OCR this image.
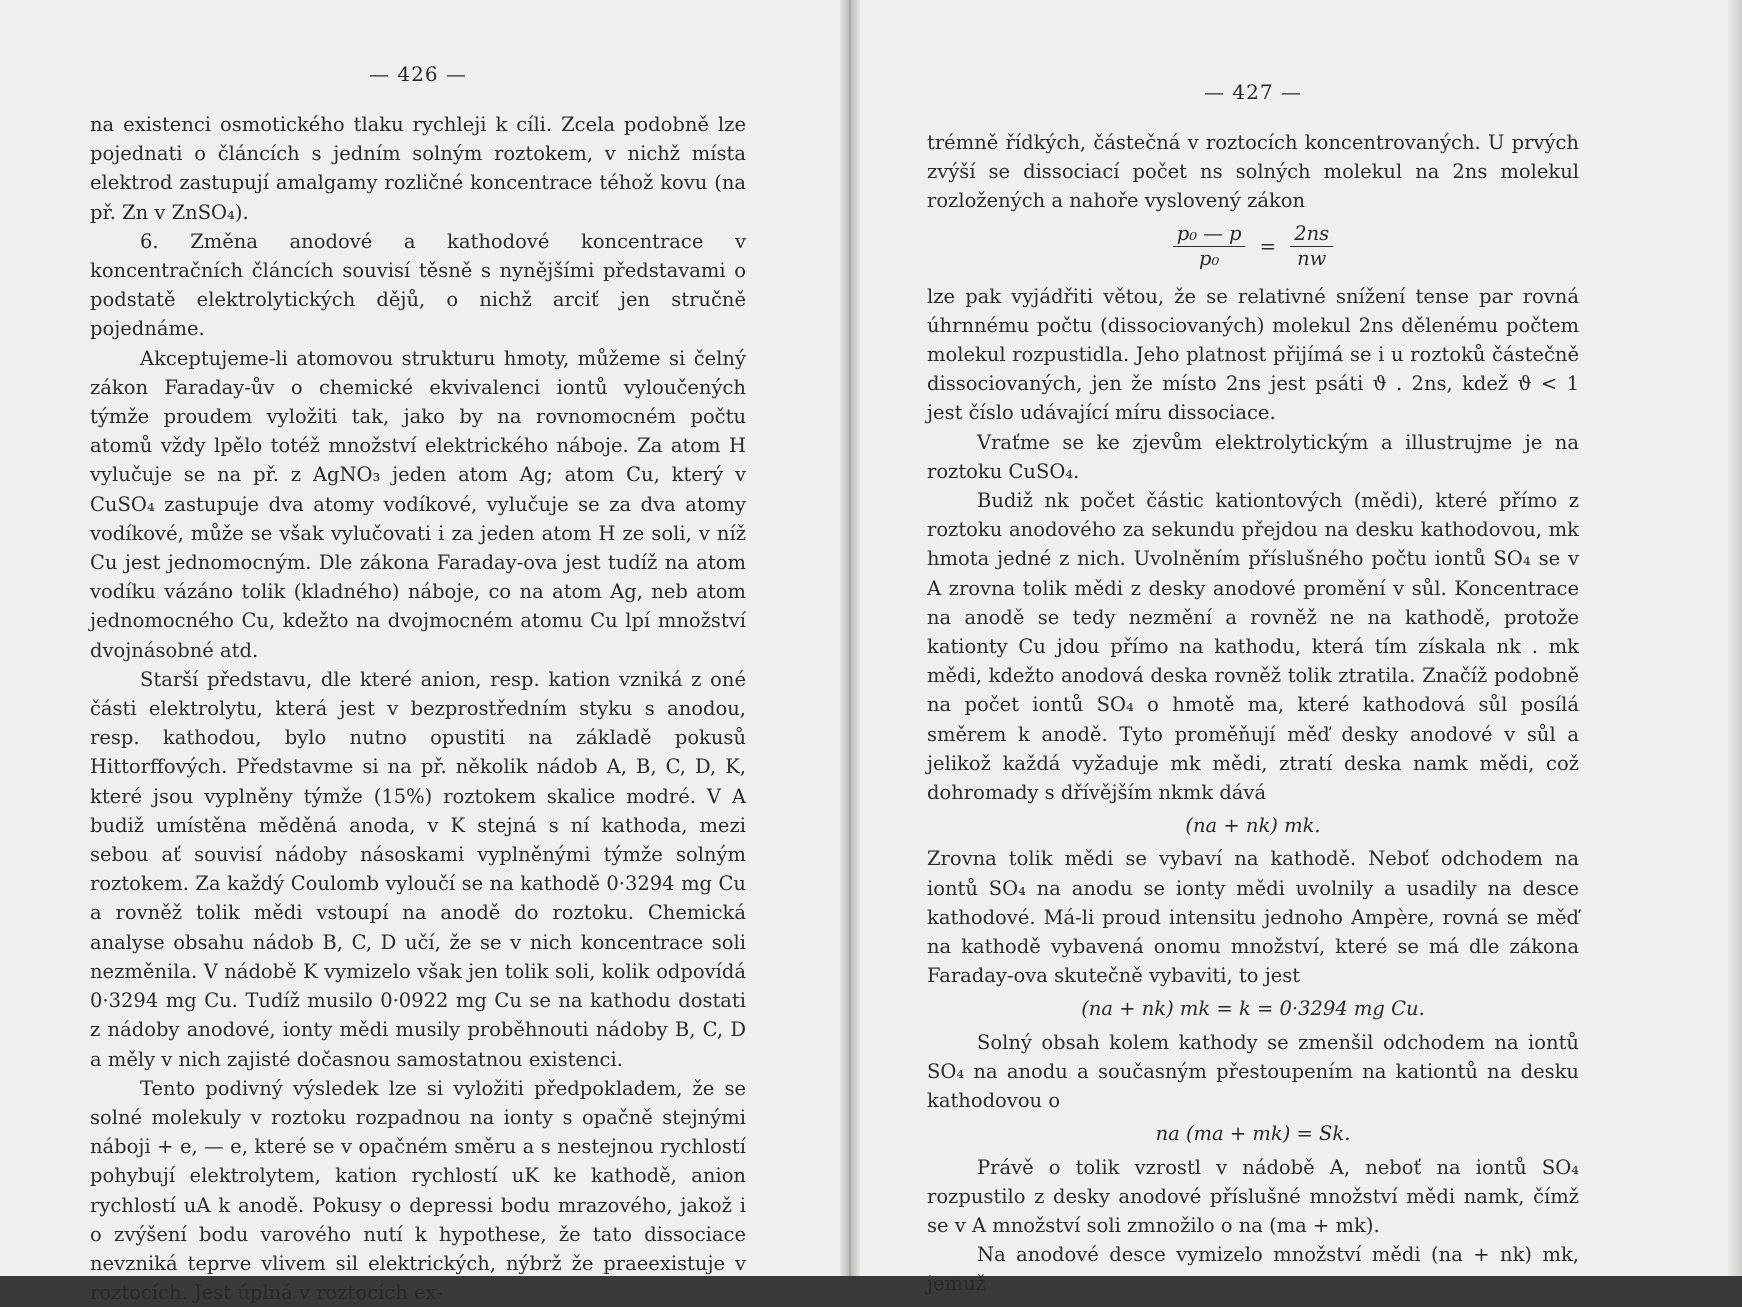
— 426 —

na existenci osmotického tlaku rychleji k cíli. Zcela podobně lze pojednati o článcích s jedním solným roztokem, v nichž místa elektrod zastupují amalgamy rozličné koncentrace téhož kovu (na př. Zn v ZnSO₄).

6. Změna anodové a kathodové koncentrace v koncentračních článcích souvisí těsně s nynějšími představami o podstatě elektrolytických dějů, o nichž arciť jen stručně pojednáme.

Akceptujeme-li atomovou strukturu hmoty, můžeme si čelný zákon Faraday-ův o chemické ekvivalenci iontů vyloučených týmže proudem vyložiti tak, jako by na rovnomocném počtu atomů vždy lpělo totéž množství elektrického náboje. Za atom H vylučuje se na př. z AgNO₃ jeden atom Ag; atom Cu, který v CuSO₄ zastupuje dva atomy vodíkové, vylučuje se za dva atomy vodíkové, může se však vylučovati i za jeden atom H ze soli, v níž Cu jest jednomocným. Dle zákona Faraday-ova jest tudíž na atom vodíku vázáno tolik (kladného) náboje, co na atom Ag, neb atom jednomocného Cu, kdežto na dvojmocném atomu Cu lpí množství dvojnásobné atd.

Starší představu, dle které anion, resp. kation vzniká z oné části elektrolytu, která jest v bezprostředním styku s anodou, resp. kathodou, bylo nutno opustiti na základě pokusů Hittorffových. Představme si na př. několik nádob A, B, C, D, K, které jsou vyplněny týmže (15%) roztokem skalice modré. V A budiž umístěna měděná anoda, v K stejná s ní kathoda, mezi sebou ať souvisí nádoby násoskami vyplněnými týmže solným roztokem. Za každý Coulomb vyloučí se na kathodě 0·3294 mg Cu a rovněž tolik mědi vstoupí na anodě do roztoku. Chemická analyse obsahu nádob B, C, D učí, že se v nich koncentrace soli nezměnila. V nádobě K vymizelo však jen tolik soli, kolik odpovídá 0·3294 mg Cu. Tudíž musilo 0·0922 mg Cu se na kathodu dostati z nádoby anodové, ionty mědi musily proběhnouti nádoby B, C, D a měly v nich zajisté dočasnou samostatnou existenci.

Tento podivný výsledek lze si vyložiti předpokladem, že se solné molekuly v roztoku rozpadnou na ionty s opačně stejnými náboji + e, — e, které se v opačném směru a s nestejnou rychlostí pohybují elektrolytem, kation rychlostí uK ke kathodě, anion rychlostí uA k anodě. Pokusy o depressi bodu mrazového, jakož i o zvýšení bodu varového nutí k hypothese, že tato dissociace nevzniká teprve vlivem sil elektrických, nýbrž že praeexistuje v roztocích. Jest úplná v roztocích ex-

— 427 —

trémně řídkých, částečná v roztocích koncentrovaných. U prvých zvýší se dissociací počet ns solných molekul na 2ns molekul rozložených a nahoře vyslovený zákon

$\frac{\text{p₀ — p}}{\text{p₀}} = \frac{2ns}{nw}$

lze pak vyjádřiti větou, že se relativné snížení tense par rovná úhrnnému počtu (dissociovaných) molekul 2ns dělenému počtem molekul rozpustidla. Jeho platnost přijímá se i u roztoků částečně dissociovaných, jen že místo 2ns jest psáti ϑ . 2ns, kdež ϑ < 1 jest číslo udávající míru dissociace.

Vraťme se ke zjevům elektrolytickým a illustrujme je na roztoku CuSO₄.

Budiž nk počet částic kationtových (mědi), které přímo z roztoku anodového za sekundu přejdou na desku kathodovou, mk hmota jedné z nich. Uvolněním příslušného počtu iontů SO₄ se v A zrovna tolik mědi z desky anodové promění v sůl. Koncentrace na anodě se tedy nezmění a rovněž ne na kathodě, protože kationty Cu jdou přímo na kathodu, která tím získala nk . mk mědi, kdežto anodová deska rovněž tolik ztratila. Značíž podobně na počet iontů SO₄ o hmotě ma, které kathodová sůl posílá směrem k anodě. Tyto proměňují měď desky anodové v sůl a jelikož každá vyžaduje mk mědi, ztratí deska namk mědi, což dohromady s dřívějším nkmk dává

(na + nk) mk.

Zrovna tolik mědi se vybaví na kathodě. Neboť odchodem na iontů SO₄ na anodu se ionty mědi uvolnily a usadily na desce kathodové. Má-li proud intensitu jednoho Ampère, rovná se měď na kathodě vybavená onomu množství, které se má dle zákona Faraday-ova skutečně vybaviti, to jest

(na + nk) mk = k = 0·3294 mg Cu.

Solný obsah kolem kathody se zmenšil odchodem na iontů SO₄ na anodu a současným přestoupením na kationtů na desku kathodovou o

na (ma + mk) = Sk.

Právě o tolik vzrostl v nádobě A, neboť na iontů SO₄ rozpustilo z desky anodové příslušné množství mědi namk, čímž se v A množství soli zmnožilo o na (ma + mk).

Na anodové desce vymizelo množství mědi (na + nk) mk, jemuž
